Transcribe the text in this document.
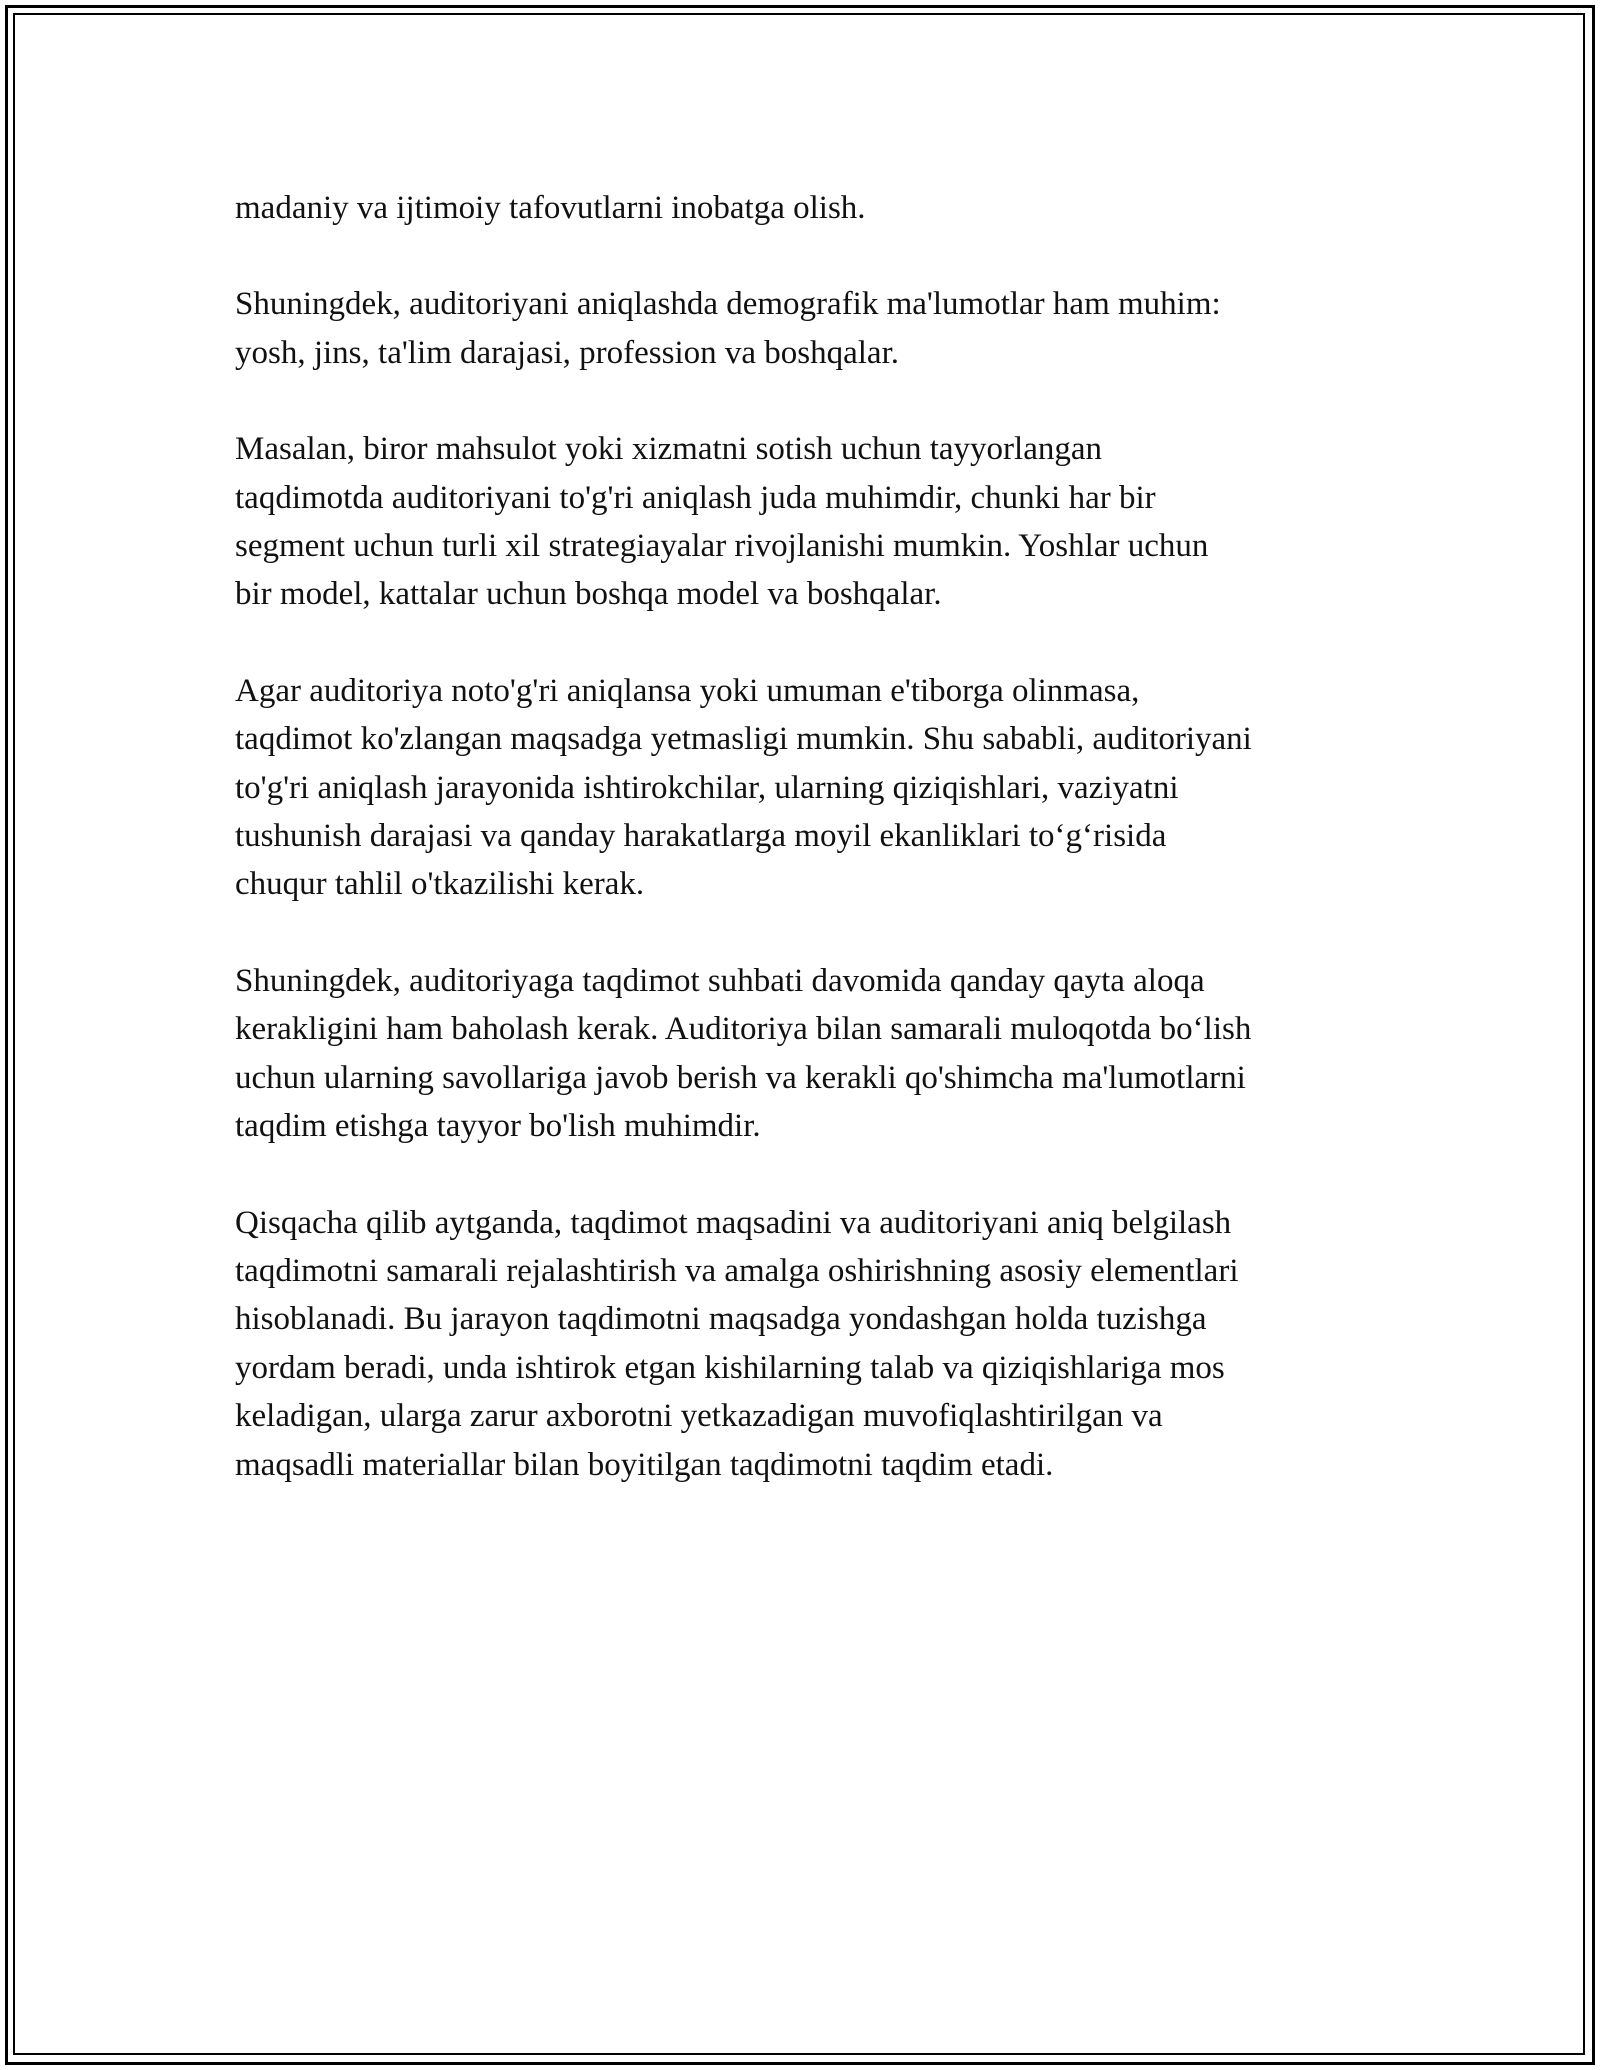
madaniy va ijtimoiy tafovutlarni inobatga olish.

Shuningdek, auditoriyani aniqlashda demografik ma'lumotlar ham muhim:
yosh, jins, ta'lim darajasi, profession va boshqalar.

Masalan, biror mahsulot yoki xizmatni sotish uchun tayyorlangan
taqdimotda auditoriyani to'g'ri aniqlash juda muhimdir, chunki har bir
segment uchun turli xil strategiayalar rivojlanishi mumkin. Yoshlar uchun
bir model, kattalar uchun boshqa model va boshqalar.

Agar auditoriya noto'g'ri aniqlansa yoki umuman e'tiborga olinmasa,
taqdimot ko'zlangan maqsadga yetmasligi mumkin. Shu sababli, auditoriyani
to'g'ri aniqlash jarayonida ishtirokchilar, ularning qiziqishlari, vaziyatni
tushunish darajasi va qanday harakatlarga moyil ekanliklari to‘g‘risida
chuqur tahlil o'tkazilishi kerak.

Shuningdek, auditoriyaga taqdimot suhbati davomida qanday qayta aloqa
kerakligini ham baholash kerak. Auditoriya bilan samarali muloqotda bo‘lish
uchun ularning savollariga javob berish va kerakli qo'shimcha ma'lumotlarni
taqdim etishga tayyor bo'lish muhimdir.

Qisqacha qilib aytganda, taqdimot maqsadini va auditoriyani aniq belgilash
taqdimotni samarali rejalashtirish va amalga oshirishning asosiy elementlari
hisoblanadi. Bu jarayon taqdimotni maqsadga yondashgan holda tuzishga
yordam beradi, unda ishtirok etgan kishilarning talab va qiziqishlariga mos
keladigan, ularga zarur axborotni yetkazadigan muvofiqlashtirilgan va
maqsadli materiallar bilan boyitilgan taqdimotni taqdim etadi.
